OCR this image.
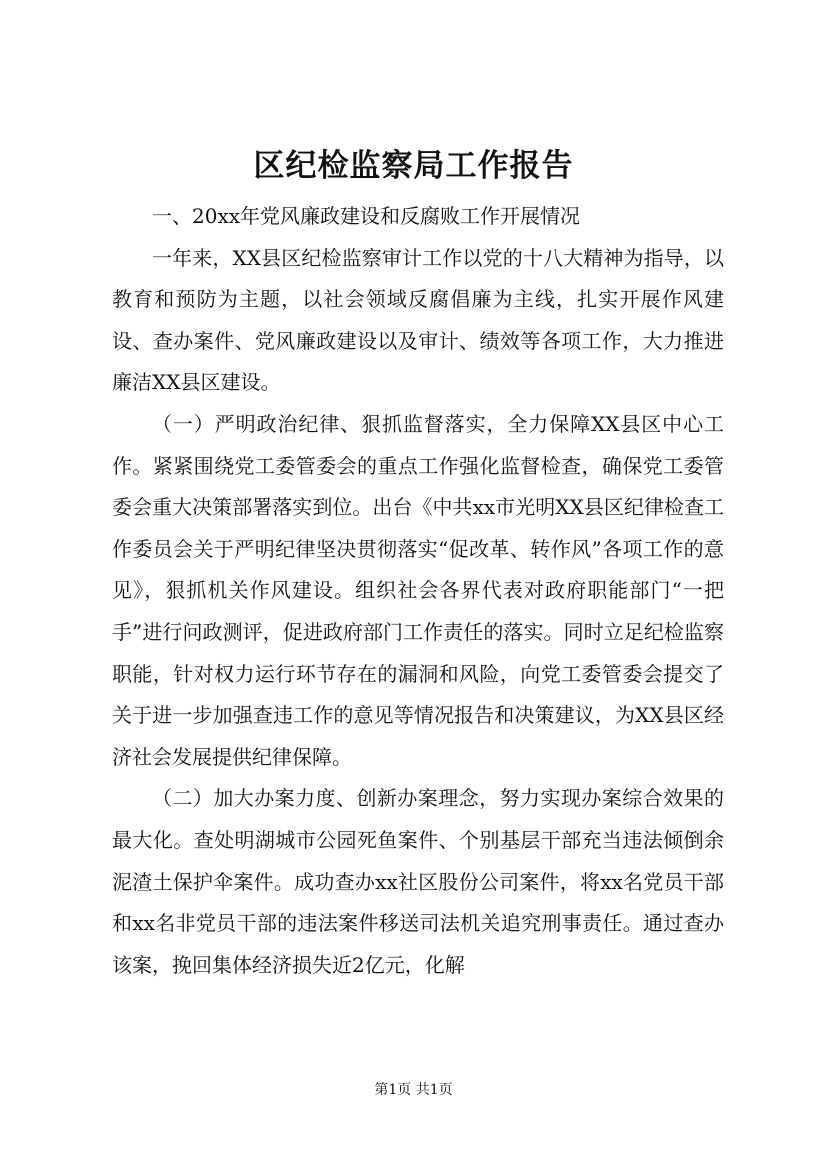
区纪检监察局工作报告

一、20xx年党风廉政建设和反腐败工作开展情况

一年来，XX县区纪检监察审计工作以党的十八大精神为指导，以教育和预防为主题，以社会领域反腐倡廉为主线，扎实开展作风建设、查办案件、党风廉政建设以及审计、绩效等各项工作，大力推进廉洁XX县区建设。

（一）严明政治纪律、狠抓监督落实，全力保障XX县区中心工作。紧紧围绕党工委管委会的重点工作强化监督检查，确保党工委管委会重大决策部署落实到位。出台《中共xx市光明XX县区纪律检查工作委员会关于严明纪律坚决贯彻落实“促改革、转作风”各项工作的意见》，狠抓机关作风建设。组织社会各界代表对政府职能部门“一把手”进行问政测评，促进政府部门工作责任的落实。同时立足纪检监察职能，针对权力运行环节存在的漏洞和风险，向党工委管委会提交了关于进一步加强查违工作的意见等情况报告和决策建议，为XX县区经济社会发展提供纪律保障。

（二）加大办案力度、创新办案理念，努力实现办案综合效果的最大化。查处明湖城市公园死鱼案件、个别基层干部充当违法倾倒余泥渣土保护伞案件。成功查办xx社区股份公司案件，将xx名党员干部和xx名非党员干部的违法案件移送司法机关追究刑事责任。通过查办该案，挽回集体经济损失近2亿元，化解

第1页 共1页
